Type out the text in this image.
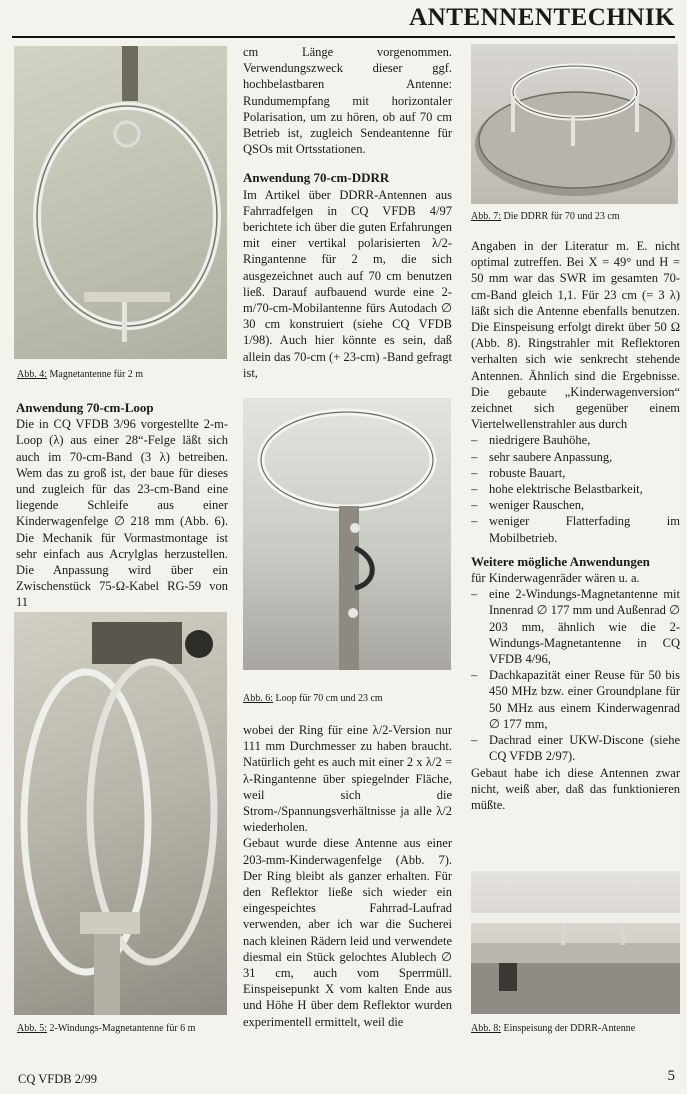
ANTENNENTECHNIK
Abb. 4: Magnetantenne für 2 m
Anwendung 70-cm-Loop

Die in CQ VFDB 3/96 vorgestellte 2-m-Loop (λ) aus einer 28“-Felge läßt sich auch im 70-cm-Band (3 λ) betreiben. Wem das zu groß ist, der baue für dieses und zugleich für das 23-cm-Band eine liegende Schleife aus einer Kinderwagenfelge ∅ 218 mm (Abb. 6). Die Mechanik für Vormastmontage ist sehr einfach aus Acrylglas herzustellen. Die Anpassung wird über ein Zwischenstück 75-Ω-Kabel RG-59 von 11

Abb. 5: 2-Windungs-Magnetantenne für 6 m

cm Länge vorgenommen. Verwendungszweck dieser ggf. hochbelastbaren Antenne: Rundumempfang mit horizontaler Polarisation, um zu hören, ob auf 70 cm Betrieb ist, zugleich Sendeantenne für QSOs mit Ortsstationen.

Anwendung 70-cm-DDRR

Im Artikel über DDRR-Antennen aus Fahrradfelgen in CQ VFDB 4/97 berichtete ich über die guten Erfahrungen mit einer vertikal polarisierten λ/2-Ringantenne für 2 m, die sich ausgezeichnet auch auf 70 cm benutzen ließ. Darauf aufbauend wurde eine 2-m/70-cm-Mobilantenne fürs Autodach ∅ 30 cm konstruiert (siehe CQ VFDB 1/98). Auch hier könnte es sein, daß allein das 70-cm (+ 23-cm) -Band gefragt ist,

Abb. 6: Loop für 70 cm und 23 cm

wobei der Ring für eine λ/2-Version nur 111 mm Durchmesser zu haben braucht. Natürlich geht es auch mit einer 2 x λ/2 = λ-Ringantenne über spiegelnder Fläche, weil sich die Strom-/Spannungsverhältnisse ja alle λ/2 wiederholen.

Gebaut wurde diese Antenne aus einer 203-mm-Kinderwagenfelge (Abb. 7). Der Ring bleibt als ganzer erhalten. Für den Reflektor ließe sich wieder ein eingespeichtes Fahrrad-Laufrad verwenden, aber ich war die Sucherei nach kleinen Rädern leid und verwendete diesmal ein Stück gelochtes Alublech ∅ 31 cm, auch vom Sperrmüll. Einspeisepunkt X vom kalten Ende aus und Höhe H über dem Reflektor wurden experimentell ermittelt, weil die

Abb. 7: Die DDRR für 70 und 23 cm

Angaben in der Literatur m. E. nicht optimal zutreffen. Bei X = 49° und H = 50 mm war das SWR im gesamten 70-cm-Band gleich 1,1. Für 23 cm (= 3 λ) läßt sich die Antenne ebenfalls benutzen. Die Einspeisung erfolgt direkt über 50 Ω (Abb. 8). Ringstrahler mit Reflektoren verhalten sich wie senkrecht stehende Antennen. Ähnlich sind die Ergebnisse. Die gebaute „Kinderwagenversion“ zeichnet sich gegenüber einem Viertelwellenstrahler aus durch

– niedrigere Bauhöhe,
– sehr saubere Anpassung,
– robuste Bauart,
– hohe elektrische Belastbarkeit,
– weniger Rauschen,
– weniger Flatterfading im Mobilbetrieb.
Weitere mögliche Anwendungen

für Kinderwagenräder wären u. a.

– eine 2-Windungs-Magnetantenne mit Innenrad ∅ 177 mm und Außenrad ∅ 203 mm, ähnlich wie die 2-Windungs-Magnetantenne in CQ VFDB 4/96,
– Dachkapazität einer Reuse für 50 bis 450 MHz bzw. einer Groundplane für 50 MHz aus einem Kinderwagenrad ∅ 177 mm,
– Dachrad einer UKW-Discone (siehe CQ VFDB 2/97).

Gebaut habe ich diese Antennen zwar nicht, weiß aber, daß das funktionieren müßte.

Abb. 8: Einspeisung der DDRR-Antenne
CQ VFDB 2/99	5
